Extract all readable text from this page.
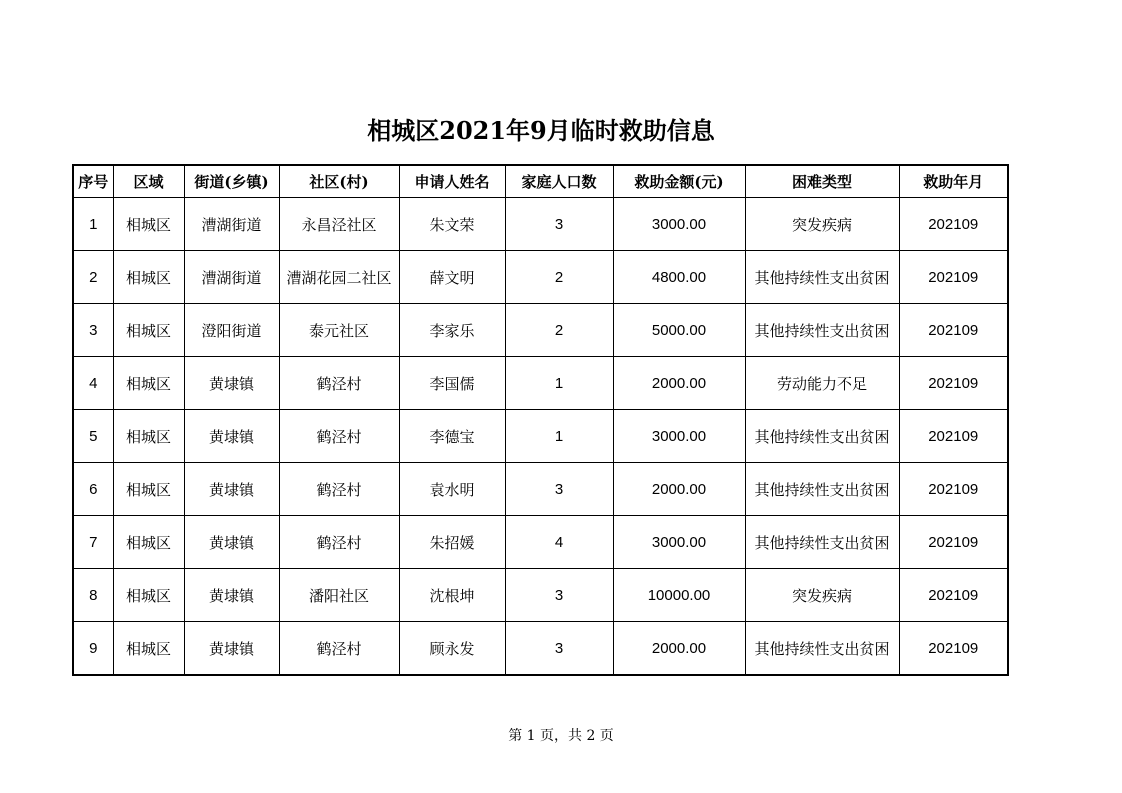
相城区2021年9月临时救助信息
序号	区域	街道(乡镇)	社区(村)	申请人姓名	家庭人口数	救助金额(元)	困难类型	救助年月
1	相城区	漕湖街道	永昌泾社区	朱文荣	3	3000.00	突发疾病	202109
2	相城区	漕湖街道	漕湖花园二社区	薛文明	2	4800.00	其他持续性支出贫困	202109
3	相城区	澄阳街道	泰元社区	李家乐	2	5000.00	其他持续性支出贫困	202109
4	相城区	黄埭镇	鹤泾村	李国儒	1	2000.00	劳动能力不足	202109
5	相城区	黄埭镇	鹤泾村	李德宝	1	3000.00	其他持续性支出贫困	202109
6	相城区	黄埭镇	鹤泾村	袁水明	3	2000.00	其他持续性支出贫困	202109
7	相城区	黄埭镇	鹤泾村	朱招媛	4	3000.00	其他持续性支出贫困	202109
8	相城区	黄埭镇	潘阳社区	沈根坤	3	10000.00	突发疾病	202109
9	相城区	黄埭镇	鹤泾村	顾永发	3	2000.00	其他持续性支出贫困	202109
第 1 页，共 2 页
